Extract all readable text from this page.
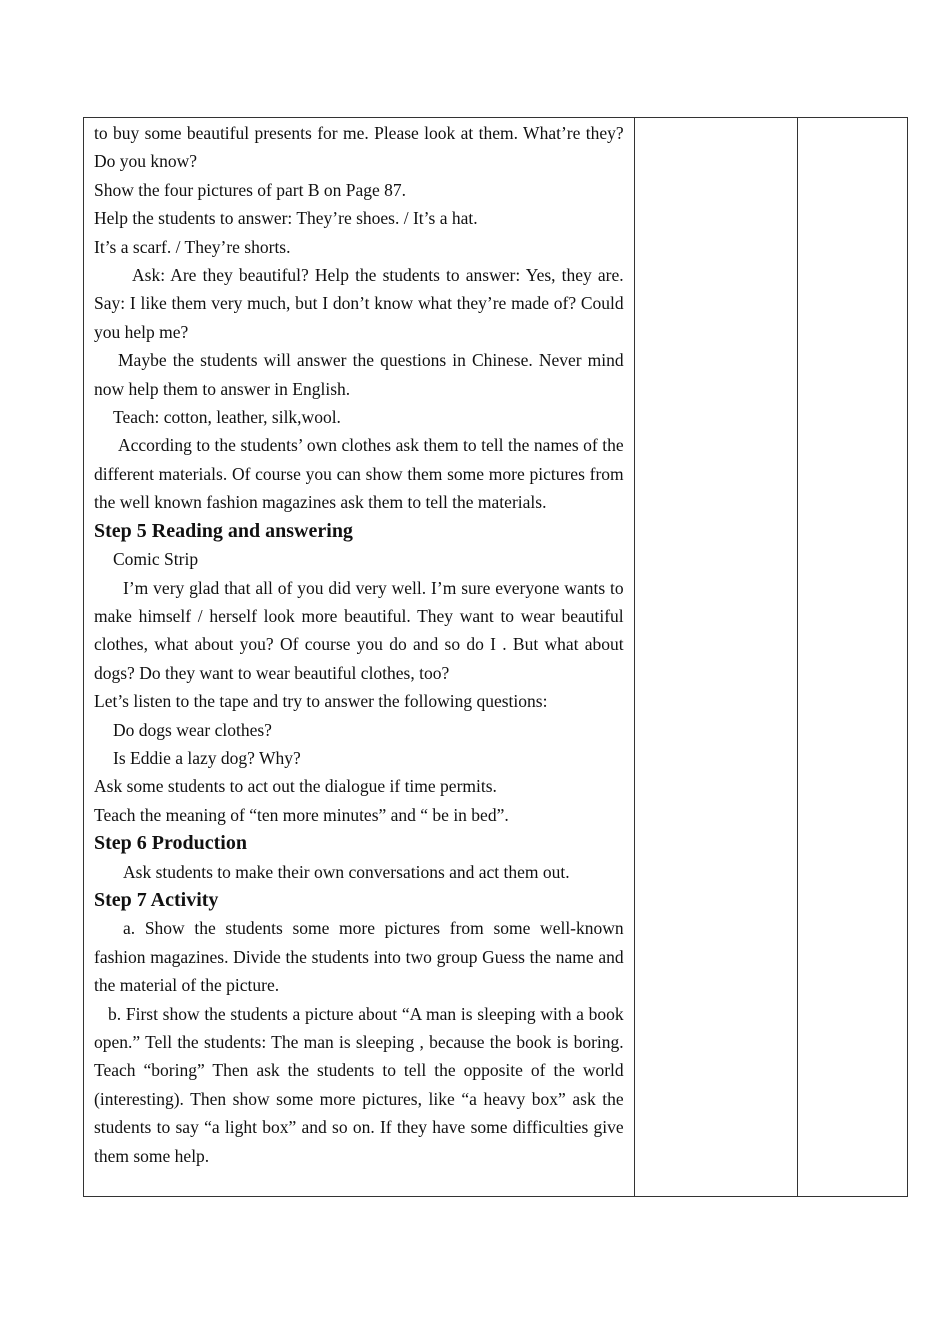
to buy some beautiful presents for me. Please look at them. What’re they? Do you know?

Show the four pictures of part B on Page 87.

Help the students to answer: They’re shoes. / It’s a hat.

It’s a scarf. / They’re shorts.

Ask: Are they beautiful? Help the students to answer: Yes, they are. Say: I like them very much, but I don’t know what they’re made of? Could you help me?

Maybe the students will answer the questions in Chinese. Never mind now help them to answer in English.

Teach: cotton, leather, silk,wool.

According to the students’ own clothes ask them to tell the names of the different materials. Of course you can show them some more pictures from the well known fashion magazines ask them to tell the materials.

Step 5 Reading and answering

Comic Strip

I’m very glad that all of you did very well. I’m sure everyone wants to make himself / herself look more beautiful. They want to wear beautiful clothes, what about you? Of course you do and so do I . But what about dogs? Do they want to wear beautiful clothes, too?

Let’s listen to the tape and try to answer the following questions:

Do dogs wear clothes?

Is Eddie a lazy dog? Why?

Ask some students to act out the dialogue if time permits.

Teach the meaning of “ten more minutes” and “ be in bed”.

Step 6 Production

Ask students to make their own conversations and act them out.

Step 7 Activity

a. Show the students some more pictures from some well-known fashion magazines. Divide the students into two group Guess the name and the material of the picture.

b. First show the students a picture about “A man is sleeping with a book open.” Tell the students: The man is sleeping , because the book is boring. Teach “boring” Then ask the students to tell the opposite of the world (interesting). Then show some more pictures, like “a heavy box” ask the students to say “a light box” and so on. If they have some difficulties give them some help.
